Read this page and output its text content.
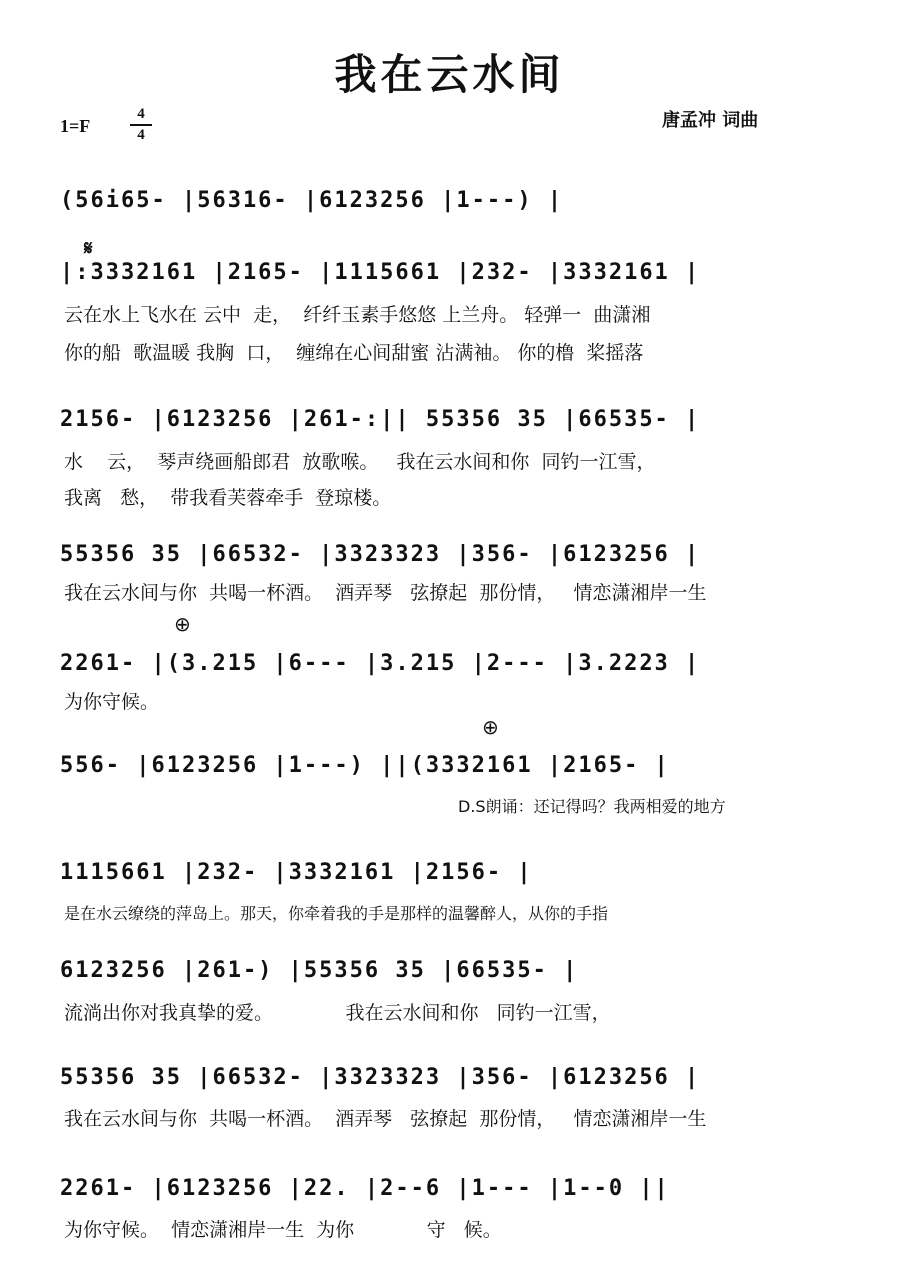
我在云水间
1=F
4
4
唐孟冲 词曲
𝄋
⊕
⊕
(56i65- |56316- |6123256 |1---) |
|:3332161 |2165- |1115661 |232- |3332161 |
云在水上飞水在 云中  走，  纤纤玉素手悠悠 上兰舟。 轻弹一  曲潇湘
你的船  歌温暖 我胸  口，  缠绵在心间甜蜜 沾满袖。 你的橹  桨摇落
2156- |6123256 |261-:|| 55356 35 |66535- |
水    云，  琴声绕画船郎君  放歌喉。   我在云水间和你  同钓一江雪，
我离   愁，  带我看芙蓉牵手  登琼楼。
55356 35 |66532- |3323323 |356- |6123256 |
我在云水间与你  共喝一杯酒。  酒弄琴   弦撩起  那份情，   情恋潇湘岸一生
2261- |(3.215 |6--- |3.215 |2--- |3.2223 |
为你守候。
556- |6123256 |1---) ||(3332161 |2165- |
D.S朗诵：还记得吗？我两相爱的地方
1115661 |232- |3332161 |2156- |
是在水云缭绕的萍岛上。那天，你牵着我的手是那样的温馨醉人，从你的手指
6123256 |261-) |55356 35 |66535- |
流淌出你对我真挚的爱。            我在云水间和你   同钓一江雪，
55356 35 |66532- |3323323 |356- |6123256 |
我在云水间与你  共喝一杯酒。  酒弄琴   弦撩起  那份情，   情恋潇湘岸一生
2261- |6123256 |22. |2--6 |1--- |1--0 ||
为你守候。  情恋潇湘岸一生  为你            守   候。
